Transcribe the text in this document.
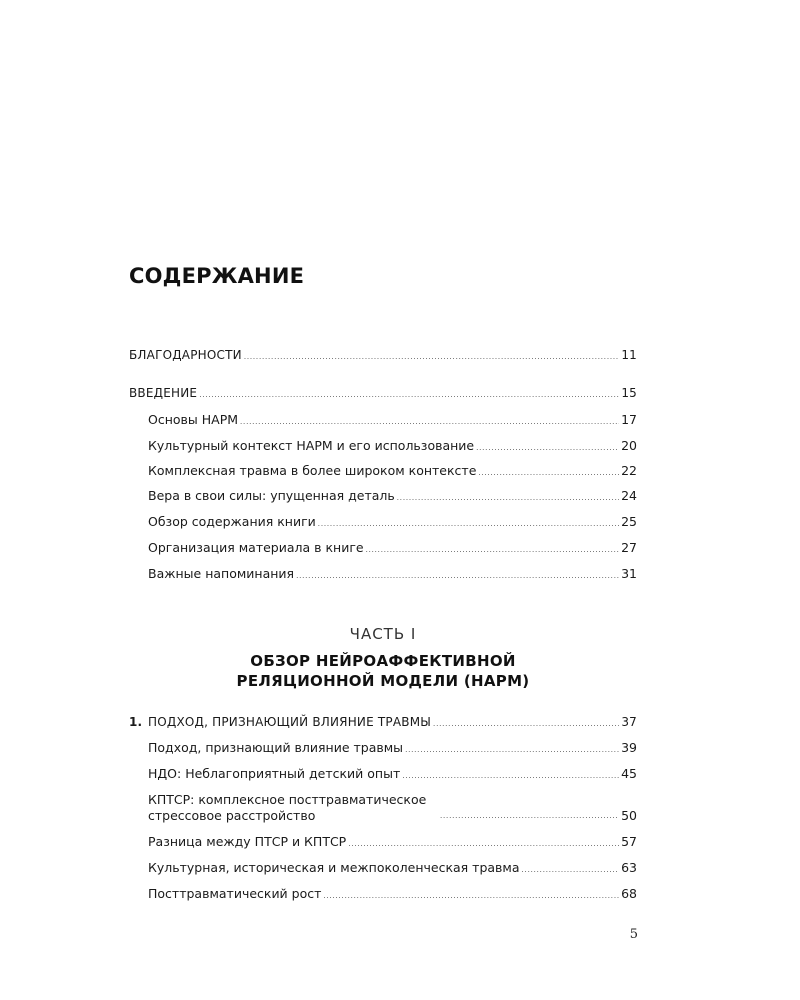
СОДЕРЖАНИЕ
БЛАГОДАРНОСТИ .....	11
ВВЕДЕНИЕ .....	15
Основы НАРМ .....	17
Культурный контекст НАРМ и его использование .....	20
Комплексная травма в более широком контексте .....	22
Вера в свои силы: упущенная деталь .....	24
Обзор содержания книги .....	25
Организация материала в книге .....	27
Важные напоминания .....	31
ЧАСТЬ I
ОБЗОР НЕЙРОАФФЕКТИВНОЙ
РЕЛЯЦИОННОЙ МОДЕЛИ (НАРМ)
1. ПОДХОД, ПРИЗНАЮЩИЙ ВЛИЯНИЕ ТРАВМЫ .....	37
Подход, признающий влияние травмы .....	39
НДО: Неблагоприятный детский опыт .....	45
КПТСР: комплексное посттравматическое стрессовое расстройство .....	50
Разница между ПТСР и КПТСР .....	57
Культурная, историческая и межпоколенческая травма .....	63
Посттравматический рост .....	68
5
